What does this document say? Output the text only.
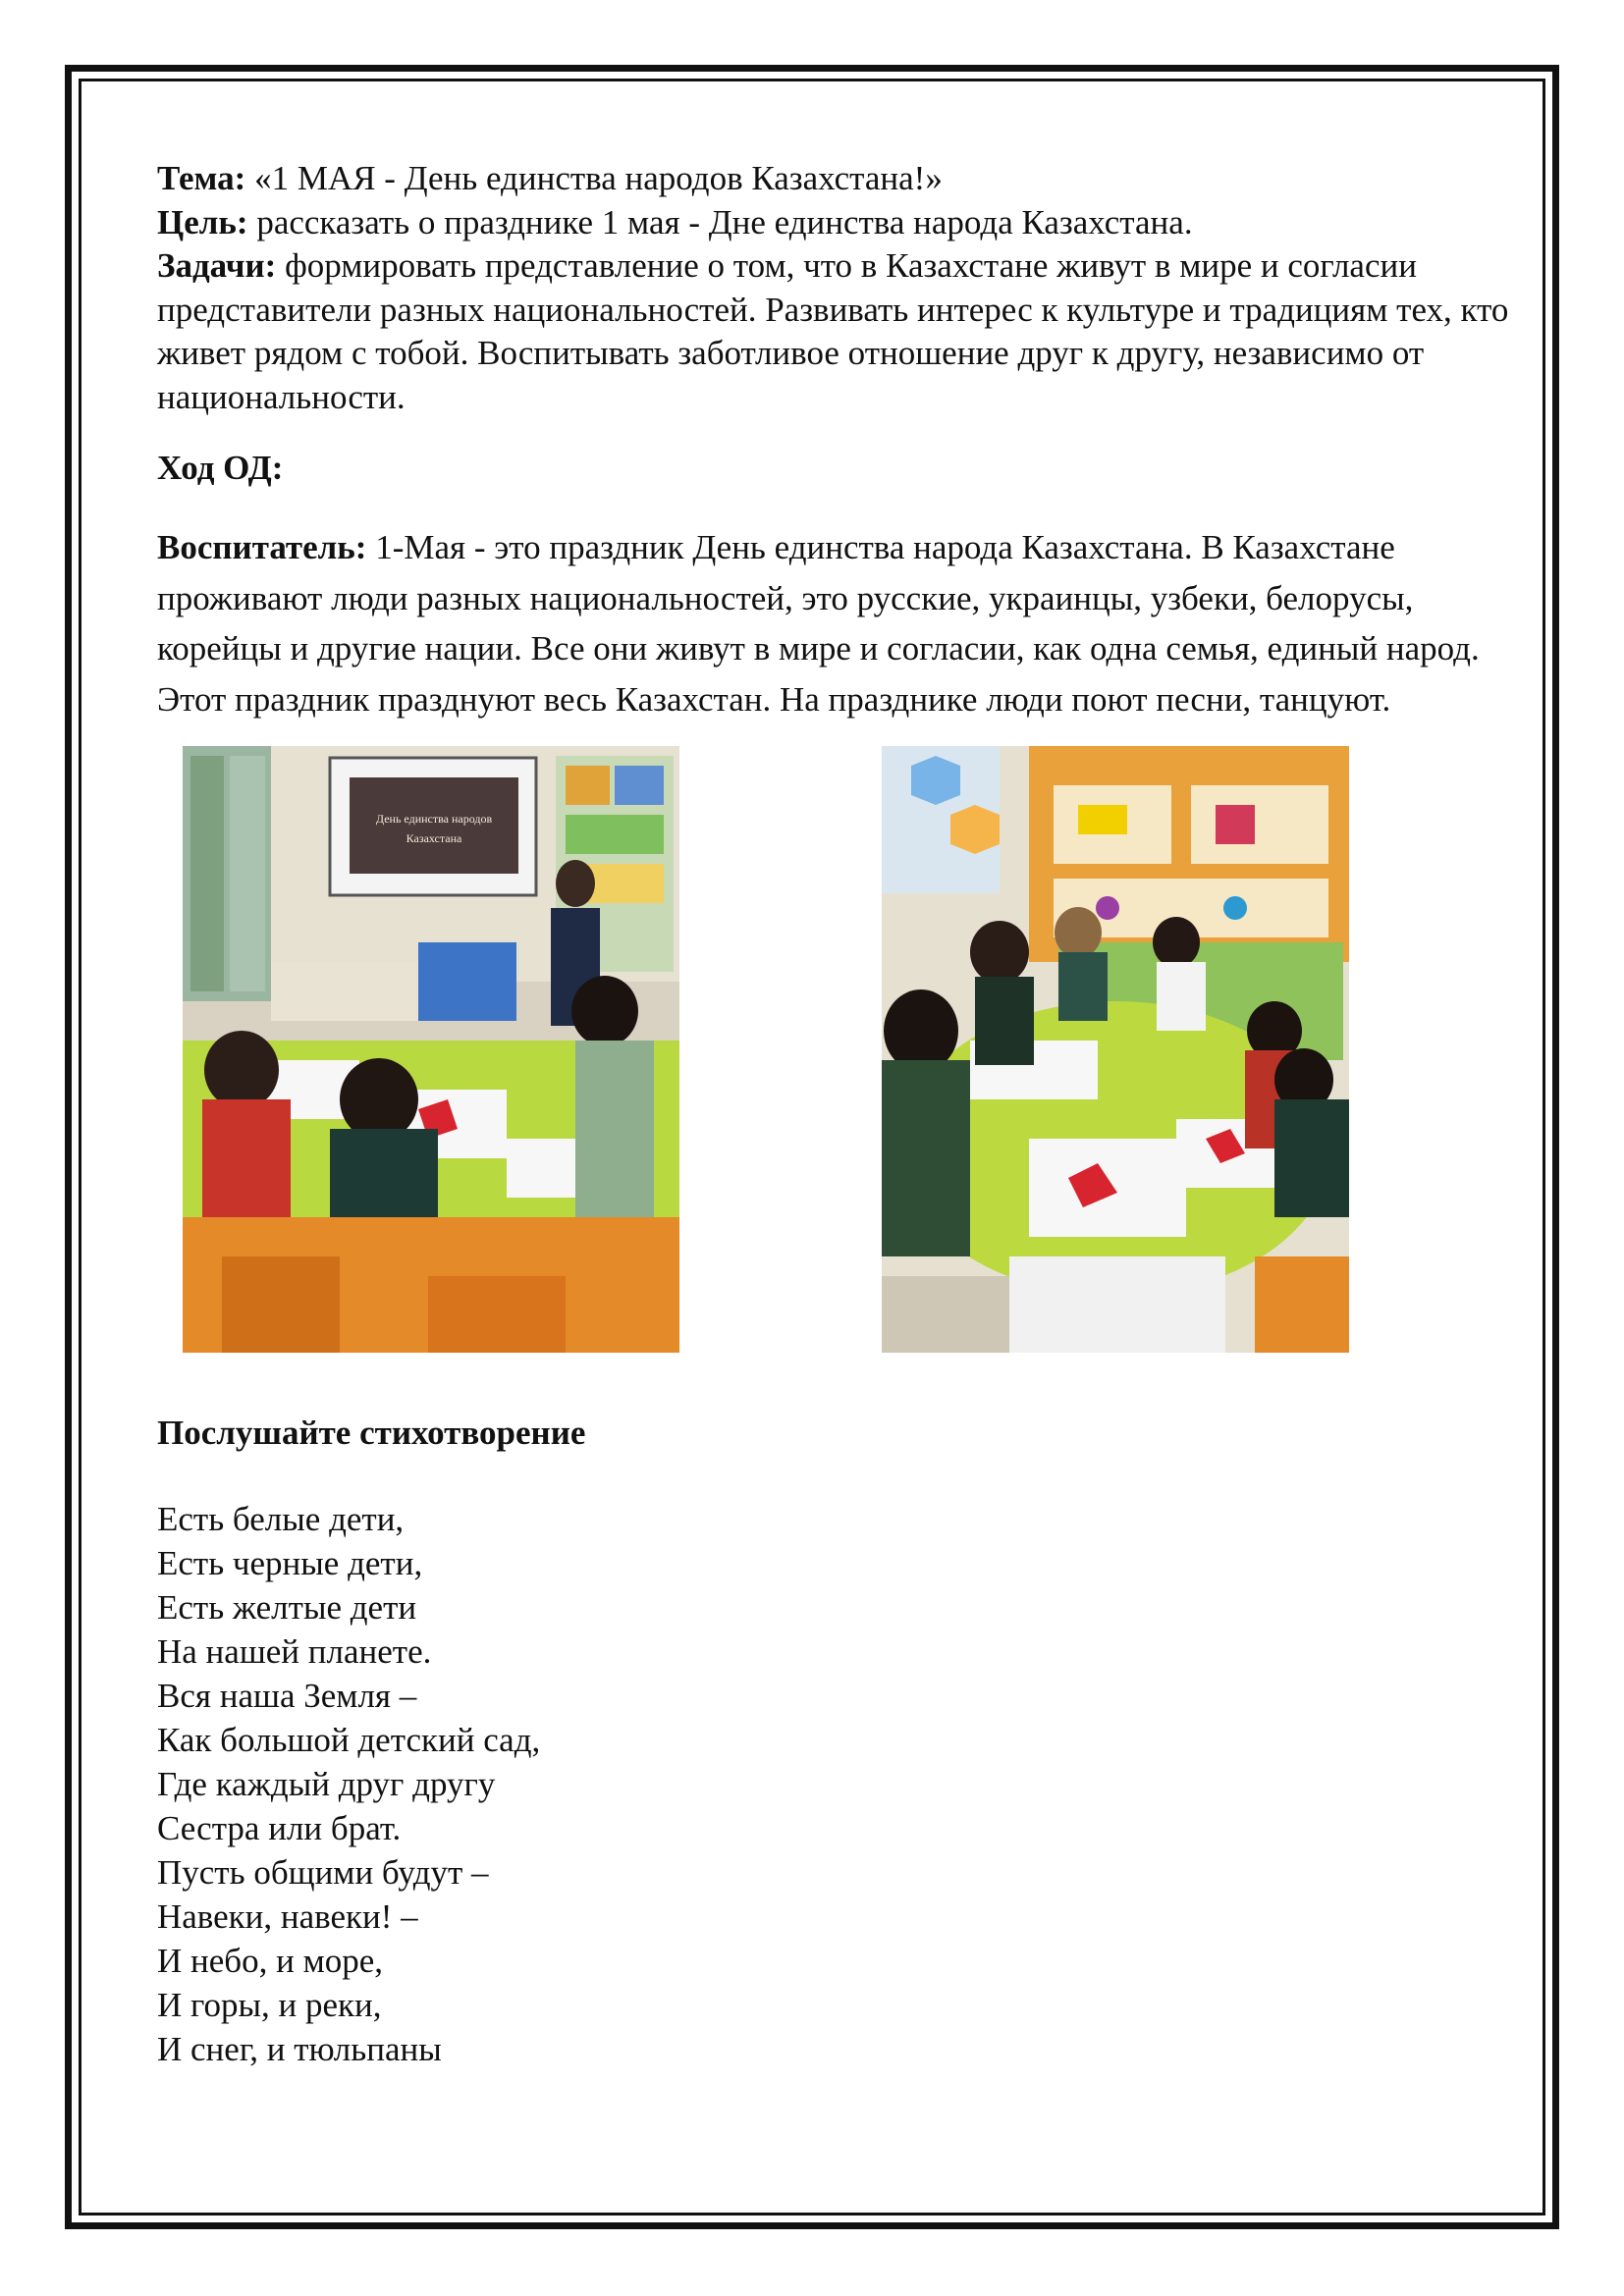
Тема: «1 МАЯ - День единства народов Казахстана!»

Цель: рассказать о празднике 1 мая - Дне единства народа Казахстана.

Задачи: формировать представление о том, что в Казахстане живут в мире и согласии представители разных национальностей. Развивать интерес к культуре и традициям тех, кто живет рядом с тобой. Воспитывать заботливое отношение друг к другу, независимо от национальности.

Ход ОД:

Воспитатель: 1-Мая - это праздник День единства народа Казахстана. В Казахстане проживают люди разных национальностей, это русские, украинцы, узбеки, белорусы, корейцы и другие нации. Все они живут в мире и согласии, как одна семья, единый народ. Этот праздник празднуют весь Казахстан. На празднике люди поют песни, танцуют.

День единства народов
Казахстана

Послушайте стихотворение

Есть белые дети,
Есть черные дети,
Есть желтые дети
На нашей планете.
Вся наша Земля –
Как большой детский сад,
Где каждый друг другу
Сестра или брат.
Пусть общими будут –
Навеки, навеки! –
И небо, и море,
И горы, и реки,
И снег, и тюльпаны
